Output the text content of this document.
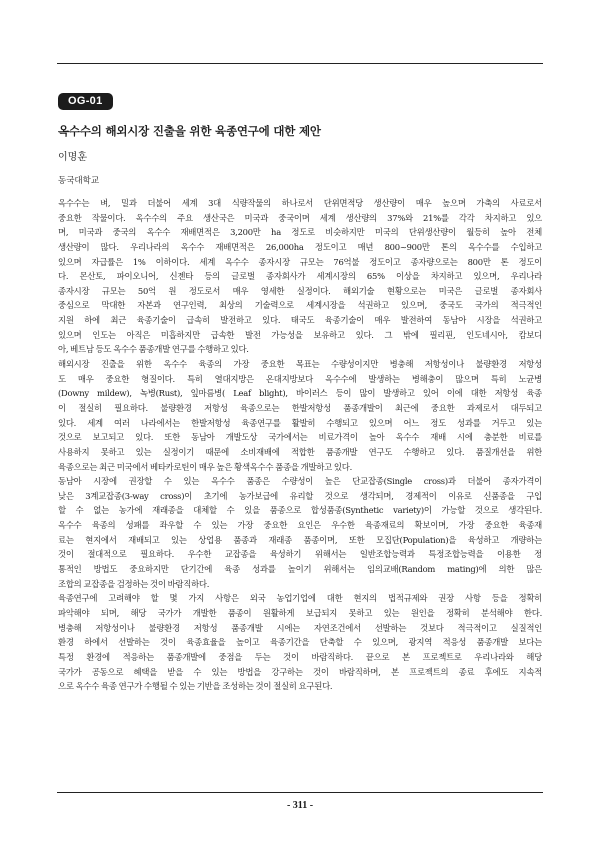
OG-01
옥수수의 해외시장 진출을 위한 육종연구에 대한 제안
이명훈
동국대학교
옥수수는 벼, 밀과 더불어 세계 3대 식량작물의 하나로서 단위면적당 생산량이 매우 높으며 가축의 사료로서
중요한 작물이다. 옥수수의 주요 생산국은 미국과 중국이며 세계 생산량의 37%와 21%를 각각 차지하고 있으
며, 미국과 중국의 옥수수 재배면적은 3,200만 ha 정도로 비슷하지만 미국의 단위생산량이 월등히 높아 전체
생산량이 많다. 우리나라의 옥수수 재배면적은 26,000ha 정도이고 매년 800~900만 톤의 옥수수를 수입하고
있으며 자급률은 1% 이하이다. 세계 옥수수 종자시장 규모는 76억불 정도이고 종자량으로는 800만 톤 정도이
다. 몬산토, 파이오니어, 신젠타 등의 글로벌 종자회사가 세계시장의 65% 이상을 차지하고 있으며, 우리나라
종자시장 규모는 50억 원 정도로서 매우 영세한 실정이다. 해외기술 현황으로는 미국은 글로벌 종자회사
중심으로 막대한 자본과 연구인력, 최상의 기술력으로 세계시장을 석권하고 있으며, 중국도 국가의 적극적인
지원 하에 최근 육종기술이 급속히 발전하고 있다. 태국도 육종기술이 매우 발전하여 동남아 시장을 석권하고
있으며 인도는 아직은 미흡하지만 급속한 발전 가능성을 보유하고 있다. 그 밖에 필리핀, 인도네시아, 캄보디
아, 베트남 등도 옥수수 품종개발 연구를 수행하고 있다.
해외시장 진출을 위한 옥수수 육종의 가장 중요한 목표는 수량성이지만 병충해 저항성이나 불량환경 저항성
도 매우 중요한 형질이다. 특히 열대지방은 온대지방보다 옥수수에 발생하는 병해충이 많으며 특히 노균병
(Downy mildew), 녹병(Rust), 잎마름병( Leaf blight), 바이러스 등이 많이 발생하고 있어 이에 대한 저항성 육종
이 절실히 필요하다. 불량환경 저항성 육종으로는 한발저항성 품종개발이 최근에 중요한 과제로서 대두되고
있다. 세계 여러 나라에서는 한발저항성 육종연구를 활발히 수행되고 있으며 어느 정도 성과를 거두고 있는
것으로 보고되고 있다. 또한 동남아 개발도상 국가에서는 비료가격이 높아 옥수수 재배 시에 충분한 비료를
사용하지 못하고 있는 실정이기 때문에 소비재배에 적합한 품종개발 연구도 수행하고 있다. 품질개선을 위한
육종으로는 최근 미국에서 베타카로틴이 매우 높은 황색옥수수 품종을 개발하고 있다.
동남아 시장에 권장할 수 있는 옥수수 품종은 수량성이 높은 단교잡종(Single cross)과 더불어 종자가격이
낮은 3계교잡종(3-way cross)이 초기에 농가보급에 유리할 것으로 생각되며, 경제적이 이유로 신품종을 구입
할 수 없는 농가에 재래종을 대체할 수 있을 품종으로 합성품종(Synthetic variety)이 가능할 것으로 생각된다.
옥수수 육종의 성패를 좌우할 수 있는 가장 중요한 요인은 우수한 육종재료의 확보이며, 가장 중요한 육종재
료는 현지에서 재배되고 있는 상업용 품종과 재래종 품종이며, 또한 모집단(Population)을 육성하고 개량하는
것이 절대적으로 필요하다. 우수한 교잡종을 육성하기 위해서는 일반조합능력과 특정조합능력을 이용한 정
통적인 방법도 중요하지만 단기간에 육종 성과를 높이기 위해서는 임의교배(Random mating)에 의한 많은
조합의 교잡종을 검정하는 것이 바람직하다.
육종연구에 고려해야 할 몇 가지 사항은 외국 농업기업에 대한 현지의 법적규제와 권장 사항 등을 정확히
파악해야 되며, 해당 국가가 개발한 품종이 원활하게 보급되지 못하고 있는 원인을 정확히 분석해야 한다.
병충해 저항성이나 불량환경 저항성 품종개발 시에는 자연조건에서 선발하는 것보다 적극적이고 실질적인
환경 하에서 선발하는 것이 육종효율을 높이고 육종기간을 단축할 수 있으며, 광지역 적응성 품종개발 보다는
특정 환경에 적응하는 품종개발에 중점을 두는 것이 바람직하다. 끝으로 본 프로젝트로 우리나라와 해당
국가가 공동으로 혜택을 받을 수 있는 방법을 강구하는 것이 바람직하며, 본 프로젝트의 종료 후에도 지속적
으로 옥수수 육종 연구가 수행될 수 있는 기반을 조성하는 것이 절실히 요구된다.
- 311 -
